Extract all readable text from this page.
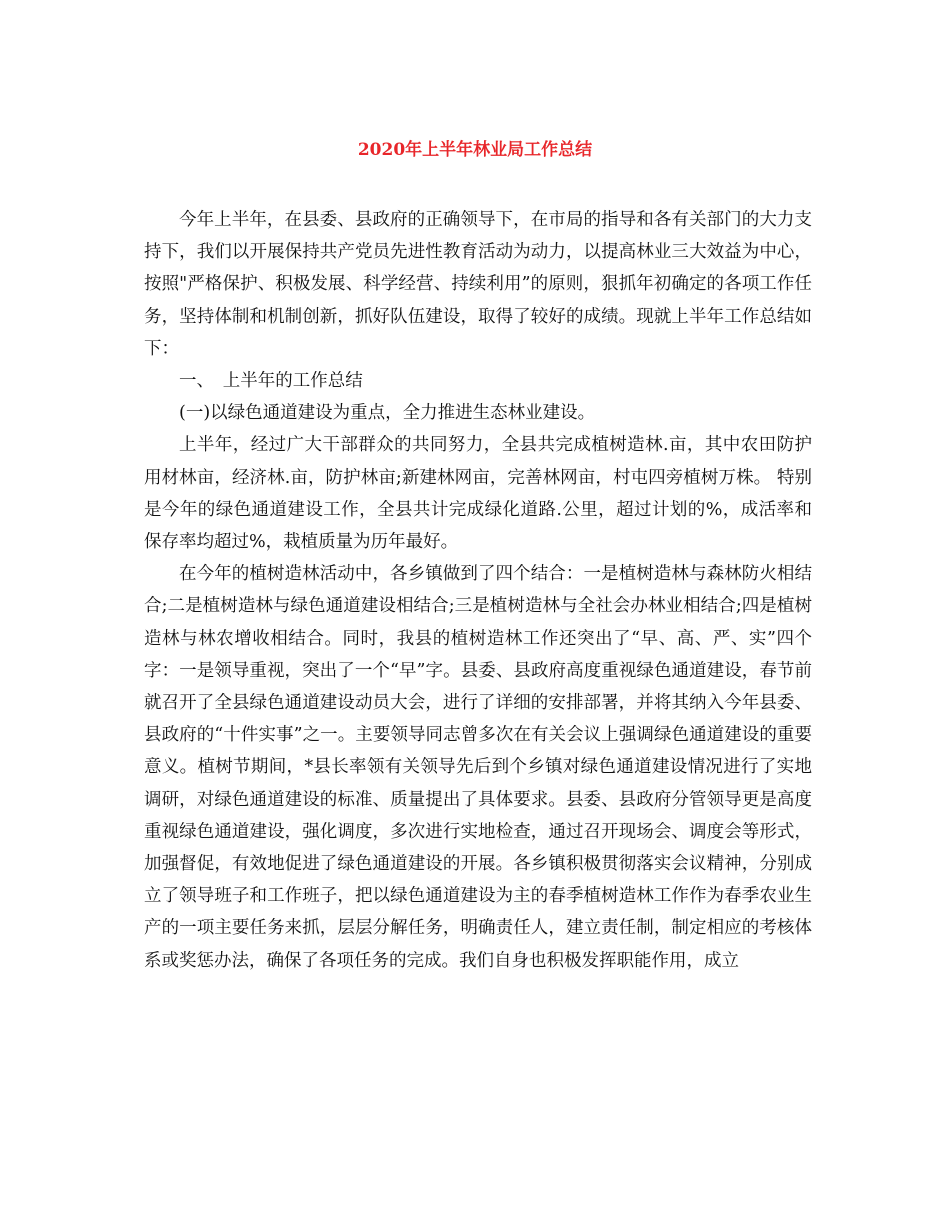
2020年上半年林业局工作总结

今年上半年，在县委、县政府的正确领导下，在市局的指导和各有关部门的大力支持下，我们以开展保持共产党员先进性教育活动为动力，以提高林业三大效益为中心，按照"严格保护、积极发展、科学经营、持续利用”的原则，狠抓年初确定的各项工作任务，坚持体制和机制创新，抓好队伍建设，取得了较好的成绩。现就上半年工作总结如下：

一、　上半年的工作总结

(一)以绿色通道建设为重点，全力推进生态林业建设。

上半年，经过广大干部群众的共同努力，全县共完成植树造林.亩，其中农田防护用材林亩，经济林.亩，防护林亩;新建林网亩，完善林网亩，村屯四旁植树万株。 特别是今年的绿色通道建设工作，全县共计完成绿化道路.公里，超过计划的%，成活率和保存率均超过%，栽植质量为历年最好。

在今年的植树造林活动中，各乡镇做到了四个结合：一是植树造林与森林防火相结合;二是植树造林与绿色通道建设相结合;三是植树造林与全社会办林业相结合;四是植树造林与林农增收相结合。同时，我县的植树造林工作还突出了“早、高、严、实”四个字：一是领导重视，突出了一个“早”字。县委、县政府高度重视绿色通道建设，春节前就召开了全县绿色通道建设动员大会，进行了详细的安排部署，并将其纳入今年县委、县政府的“十件实事”之一。主要领导同志曾多次在有关会议上强调绿色通道建设的重要意义。植树节期间，*县长率领有关领导先后到个乡镇对绿色通道建设情况进行了实地调研，对绿色通道建设的标准、质量提出了具体要求。县委、县政府分管领导更是高度重视绿色通道建设，强化调度，多次进行实地检查，通过召开现场会、调度会等形式，加强督促，有效地促进了绿色通道建设的开展。各乡镇积极贯彻落实会议精神，分别成立了领导班子和工作班子，把以绿色通道建设为主的春季植树造林工作作为春季农业生产的一项主要任务来抓，层层分解任务，明确责任人，建立责任制，制定相应的考核体系或奖惩办法，确保了各项任务的完成。我们自身也积极发挥职能作用，成立
